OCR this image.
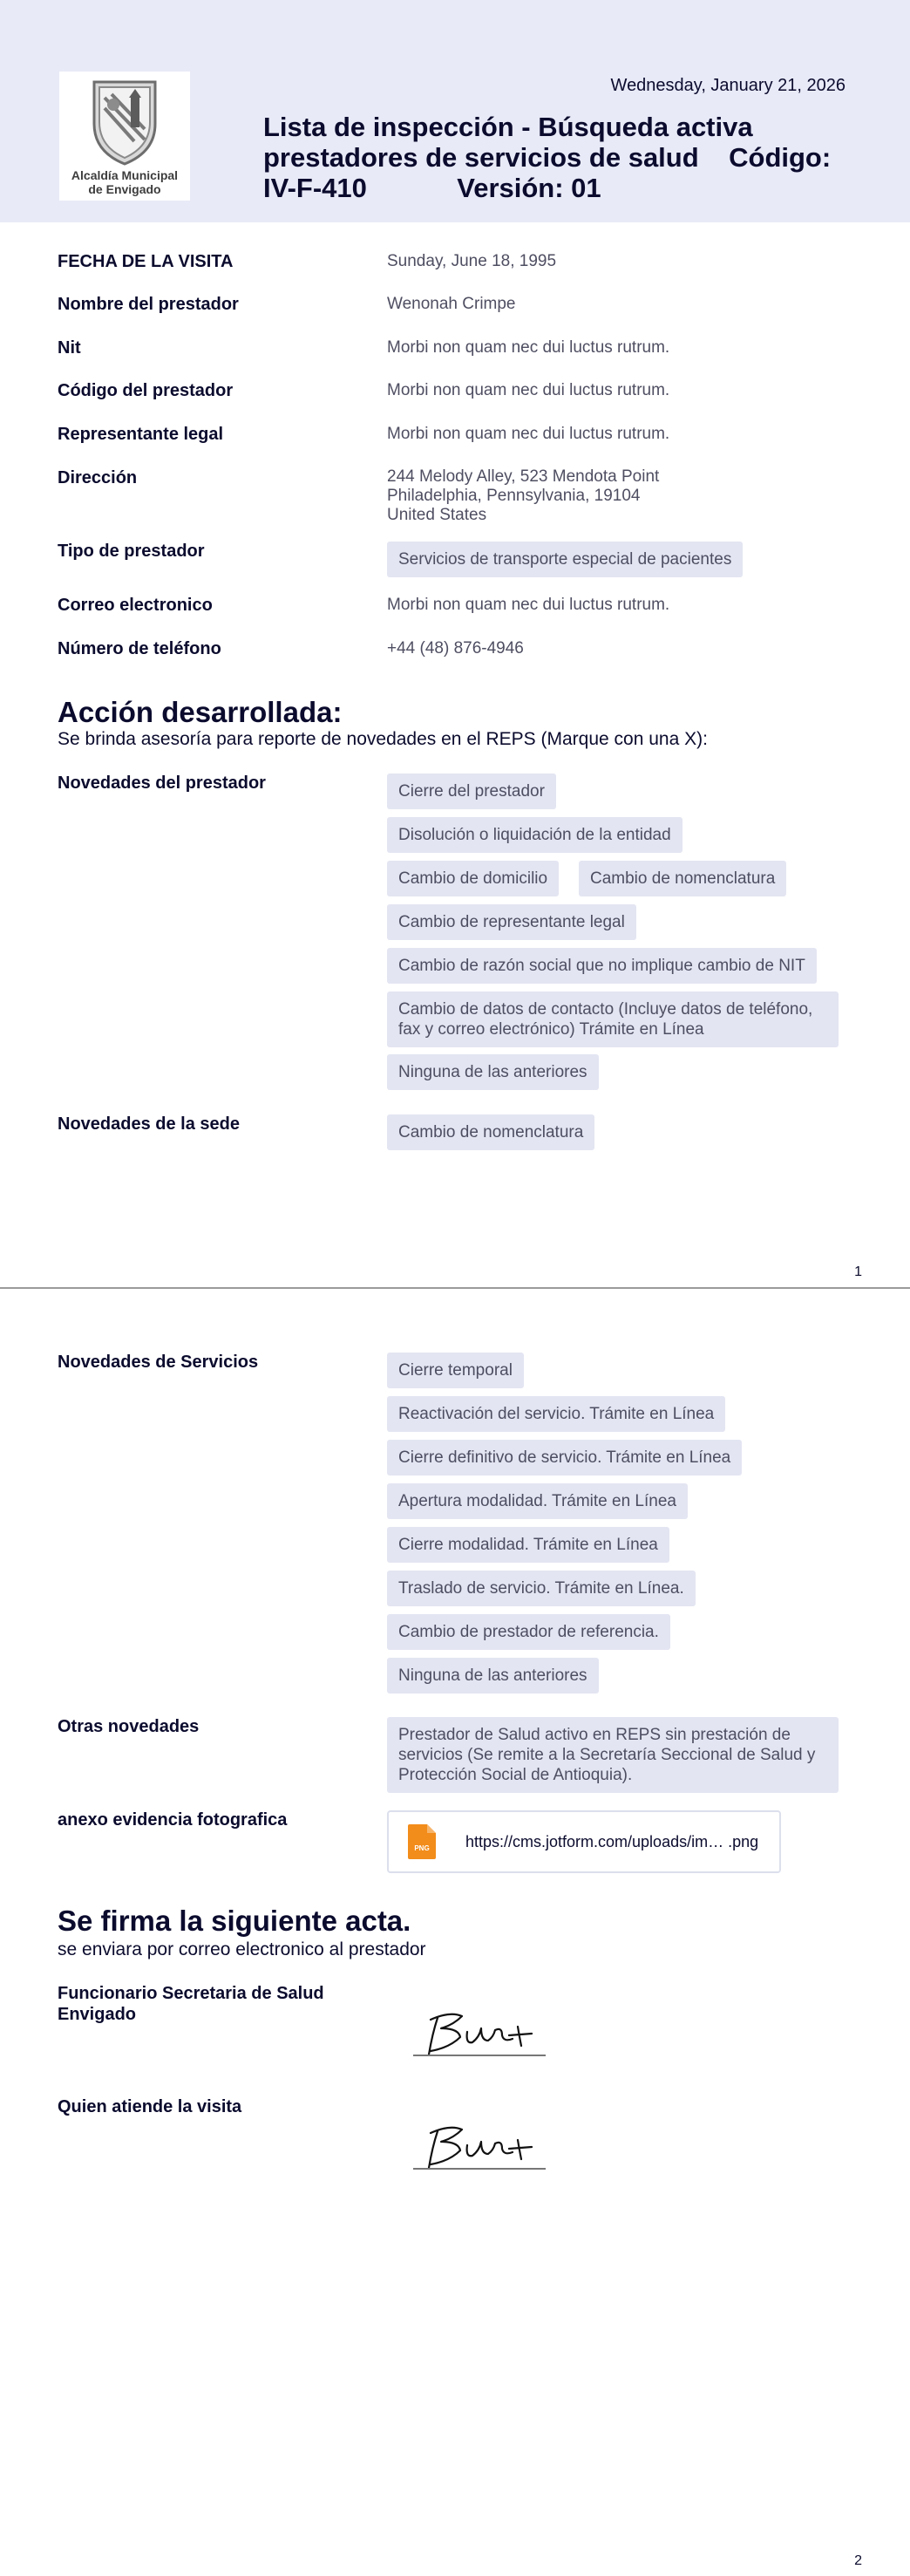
Alcaldía Municipal
de Envigado
Wednesday, January 21, 2026
Lista de inspección - Búsqueda activa prestadores de servicios de salud    Código: IV-F-410            Versión: 01
FECHA DE LA VISITA	Sunday, June 18, 1995
Nombre del prestador	Wenonah Crimpe
Nit	Morbi non quam nec dui luctus rutrum.
Código del prestador	Morbi non quam nec dui luctus rutrum.
Representante legal	Morbi non quam nec dui luctus rutrum.
Dirección	244 Melody Alley, 523 Mendota Point
Philadelphia, Pennsylvania, 19104
United States
Tipo de prestador	Servicios de transporte especial de pacientes
Correo electronico	Morbi non quam nec dui luctus rutrum.
Número de teléfono	+44 (48) 876-4946
Acción desarrollada:
Se brinda asesoría para reporte de novedades en el REPS (Marque con una X):
Novedades del prestador	Cierre del prestador
Disolución o liquidación de la entidad
Cambio de domicilio	Cambio de nomenclatura
Cambio de representante legal
Cambio de razón social que no implique cambio de NIT
Cambio de datos de contacto (Incluye datos de teléfono, fax y correo electrónico) Trámite en Línea
Ninguna de las anteriores
Novedades de la sede	Cambio de nomenclatura
1
Novedades de Servicios	Cierre temporal
Reactivación del servicio. Trámite en Línea
Cierre definitivo de servicio. Trámite en Línea
Apertura modalidad. Trámite en Línea
Cierre modalidad. Trámite en Línea
Traslado de servicio. Trámite en Línea.
Cambio de prestador de referencia.
Ninguna de las anteriores
Otras novedades	Prestador de Salud activo en REPS sin prestación de servicios (Se remite a la Secretaría Seccional de Salud y Protección Social de Antioquia).
anexo evidencia fotografica
PNG https://cms.jotform.com/uploads/im… .png
Se firma la siguiente acta.
se enviara por correo electronico al prestador
Funcionario Secretaria de Salud Envigado
Quien atiende la visita
2
